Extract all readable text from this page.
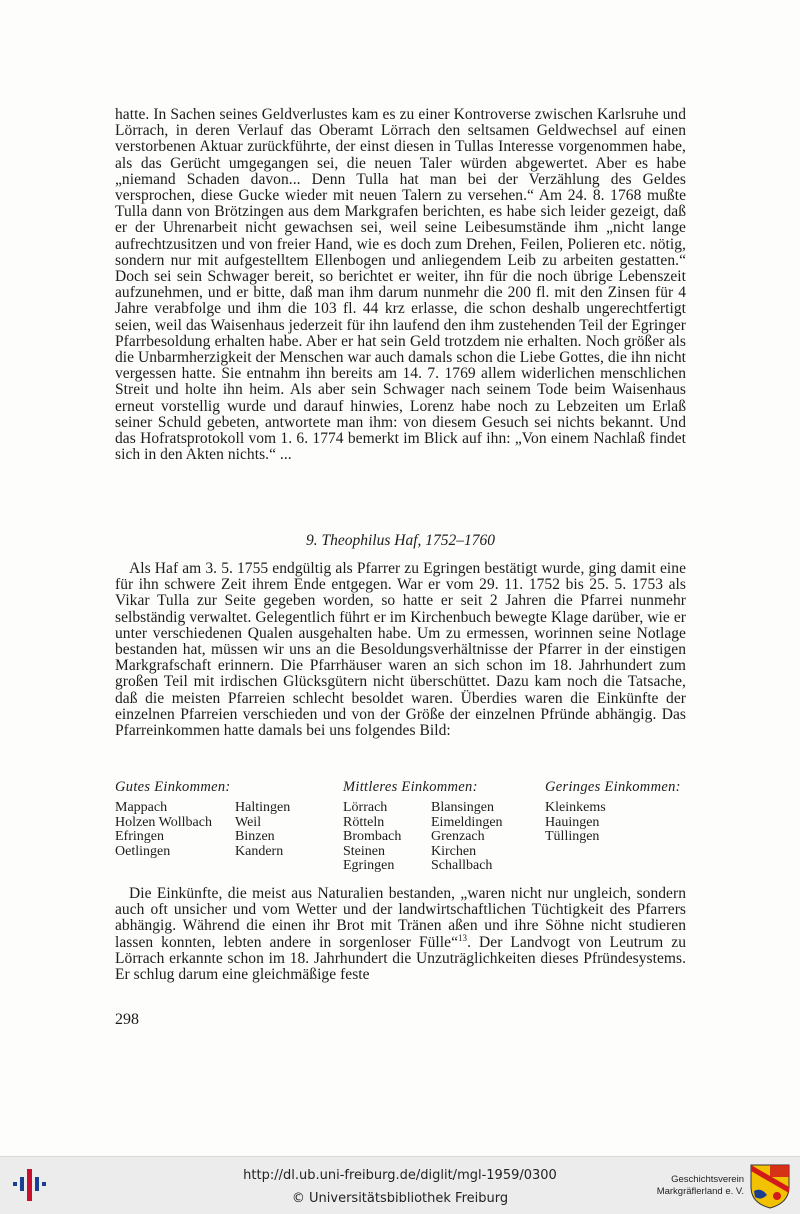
hatte. In Sachen seines Geldverlustes kam es zu einer Kontroverse zwischen Karlsruhe und Lörrach, in deren Verlauf das Oberamt Lörrach den seltsamen Geldwechsel auf einen verstorbenen Aktuar zurückführte, der einst diesen in Tullas Interesse vorgenommen habe, als das Gerücht umgegangen sei, die neuen Taler würden abgewertet. Aber es habe „niemand Schaden davon... Denn Tulla hat man bei der Verzählung des Geldes versprochen, diese Gucke wieder mit neuen Talern zu versehen.“ Am 24. 8. 1768 mußte Tulla dann von Brötzingen aus dem Markgrafen berichten, es habe sich leider gezeigt, daß er der Uhrenarbeit nicht gewachsen sei, weil seine Leibesumstände ihm „nicht lange aufrechtzusitzen und von freier Hand, wie es doch zum Drehen, Feilen, Polieren etc. nötig, sondern nur mit aufgestelltem Ellenbogen und anliegendem Leib zu arbeiten gestatten.“ Doch sei sein Schwager bereit, so berichtet er weiter, ihn für die noch übrige Lebenszeit aufzunehmen, und er bitte, daß man ihm darum nunmehr die 200 fl. mit den Zinsen für 4 Jahre verabfolge und ihm die 103 fl. 44 krz erlasse, die schon deshalb ungerechtfertigt seien, weil das Waisenhaus jederzeit für ihn laufend den ihm zustehenden Teil der Egringer Pfarrbesoldung erhalten habe. Aber er hat sein Geld trotzdem nie erhalten. Noch größer als die Unbarmherzigkeit der Menschen war auch damals schon die Liebe Gottes, die ihn nicht vergessen hatte. Sie entnahm ihn bereits am 14. 7. 1769 allem widerlichen menschlichen Streit und holte ihn heim. Als aber sein Schwager nach seinem Tode beim Waisenhaus erneut vorstellig wurde und darauf hinwies, Lorenz habe noch zu Lebzeiten um Erlaß seiner Schuld gebeten, antwortete man ihm: von diesem Gesuch sei nichts bekannt. Und das Hofratsprotokoll vom 1. 6. 1774 bemerkt im Blick auf ihn: „Von einem Nachlaß findet sich in den Akten nichts.“ ...

9. Theophilus Haf, 1752–1760

Als Haf am 3. 5. 1755 endgültig als Pfarrer zu Egringen bestätigt wurde, ging damit eine für ihn schwere Zeit ihrem Ende entgegen. War er vom 29. 11. 1752 bis 25. 5. 1753 als Vikar Tulla zur Seite gegeben worden, so hatte er seit 2 Jahren die Pfarrei nunmehr selbständig verwaltet. Gelegentlich führt er im Kirchenbuch bewegte Klage darüber, wie er unter verschiedenen Qualen ausgehalten habe. Um zu ermessen, worinnen seine Notlage bestanden hat, müssen wir uns an die Besoldungsverhältnisse der Pfarrer in der einstigen Markgrafschaft erinnern. Die Pfarrhäuser waren an sich schon im 18. Jahrhundert zum großen Teil mit irdischen Glücksgütern nicht überschüttet. Dazu kam noch die Tatsache, daß die meisten Pfarreien schlecht besoldet waren. Überdies waren die Einkünfte der einzelnen Pfarreien verschieden und von der Größe der einzelnen Pfründe abhängig. Das Pfarreinkommen hatte damals bei uns folgendes Bild:

Gutes Einkommen:
Mappach
Holzen Wollbach
Efringen
Oetlingen
Haltingen
Weil
Binzen
Kandern
Mittleres Einkommen:
Lörrach
Rötteln
Brombach
Steinen
Egringen
Blansingen
Eimeldingen
Grenzach
Kirchen
Schallbach
Geringes Einkommen:
Kleinkems
Hauingen
Tüllingen

Die Einkünfte, die meist aus Naturalien bestanden, „waren nicht nur ungleich, sondern auch oft unsicher und vom Wetter und der landwirtschaftlichen Tüchtigkeit des Pfarrers abhängig. Während die einen ihr Brot mit Tränen aßen und ihre Söhne nicht studieren lassen konnten, lebten andere in sorgenloser Fülle“$^{13}$. Der Landvogt von Leutrum zu Lörrach erkannte schon im 18. Jahrhundert die Unzuträglichkeiten dieses Pfründesystems. Er schlug darum eine gleichmäßige feste

298
http://dl.ub.uni-freiburg.de/diglit/mgl-1959/0300
© Universitätsbibliothek Freiburg
Geschichtsverein
Markgräflerland e. V.
